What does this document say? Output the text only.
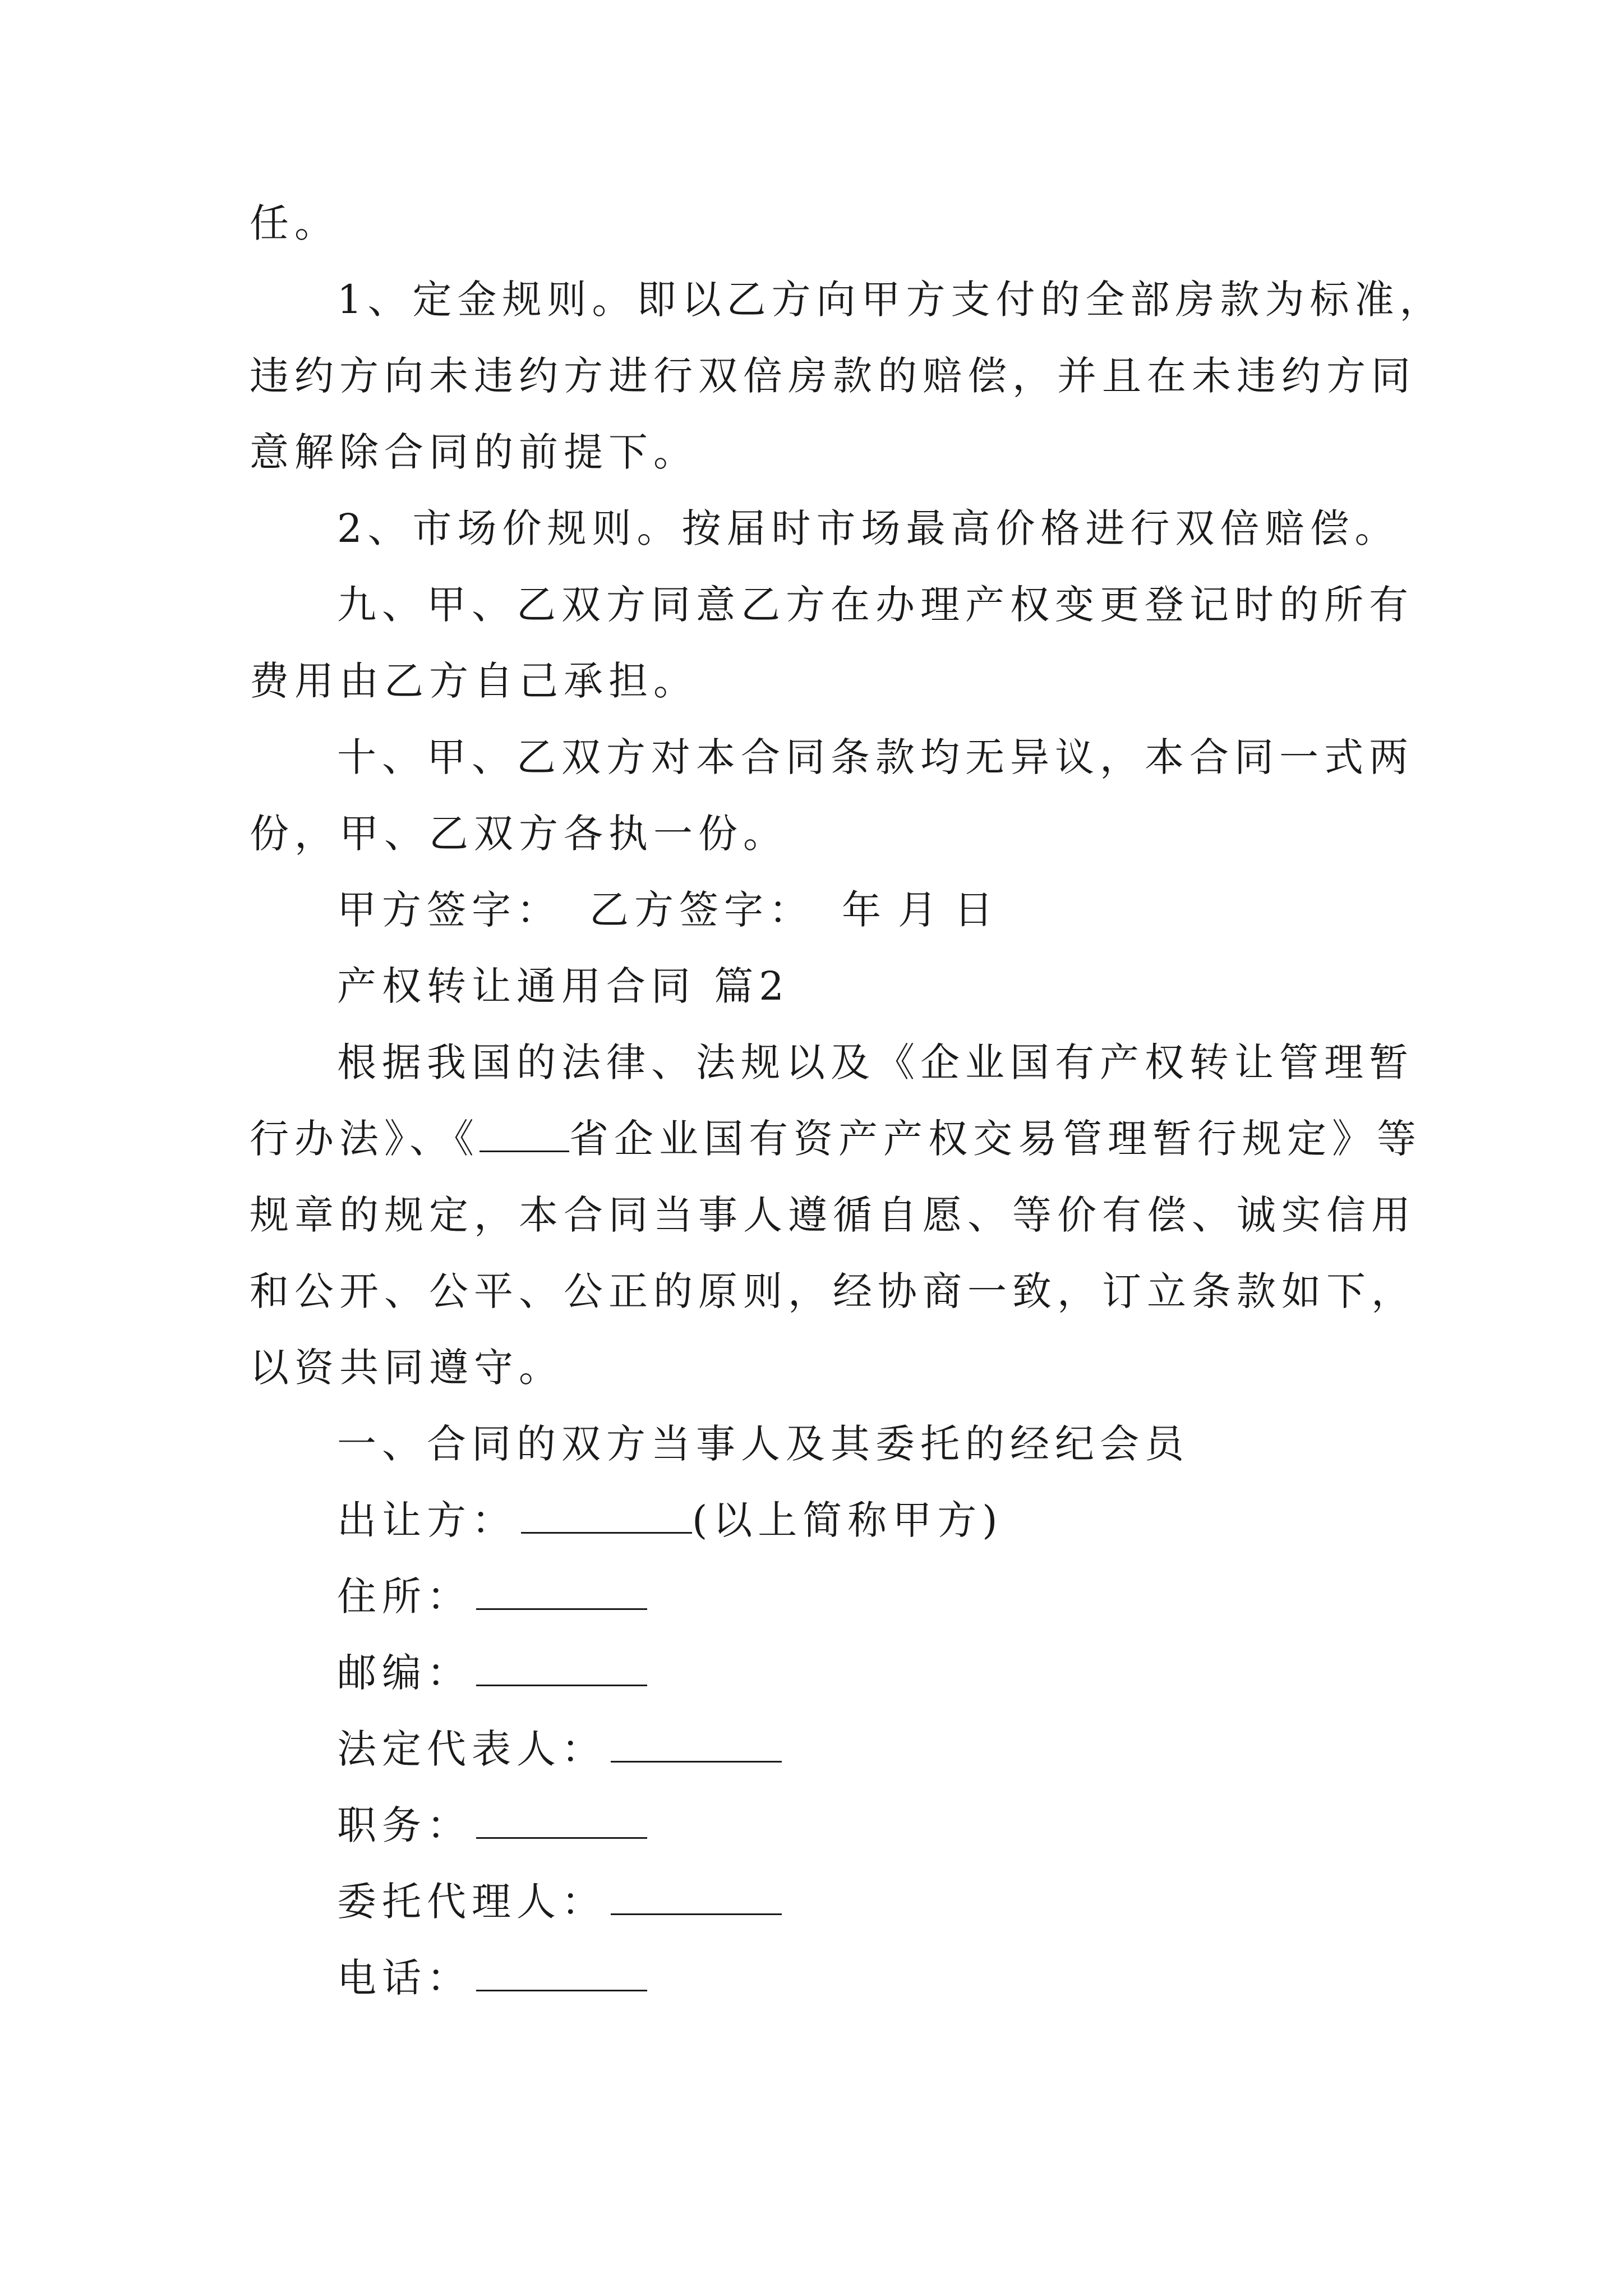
任。
1、定金规则。即以乙方向甲方支付的全部房款为标准，
违约方向未违约方进行双倍房款的赔偿，并且在未违约方同
意解除合同的前提下。
2、市场价规则。按届时市场最高价格进行双倍赔偿。
九、甲、乙双方同意乙方在办理产权变更登记时的所有
费用由乙方自己承担。
十、甲、乙双方对本合同条款均无异议，本合同一式两
份，甲、乙双方各执一份。
甲方签字： 乙方签字： 年 月 日
产权转让通用合同 篇2
根据我国的法律、法规以及《企业国有产权转让管理暂
行办法》、《 省企业国有资产产权交易管理暂行规定》等
规章的规定，本合同当事人遵循自愿、等价有偿、诚实信用
和公开、公平、公正的原则，经协商一致，订立条款如下，
以资共同遵守。
一、合同的双方当事人及其委托的经纪会员
出让方：	(以上简称甲方)
住所：
邮编：
法定代表人：
职务：
委托代理人：
电话：
